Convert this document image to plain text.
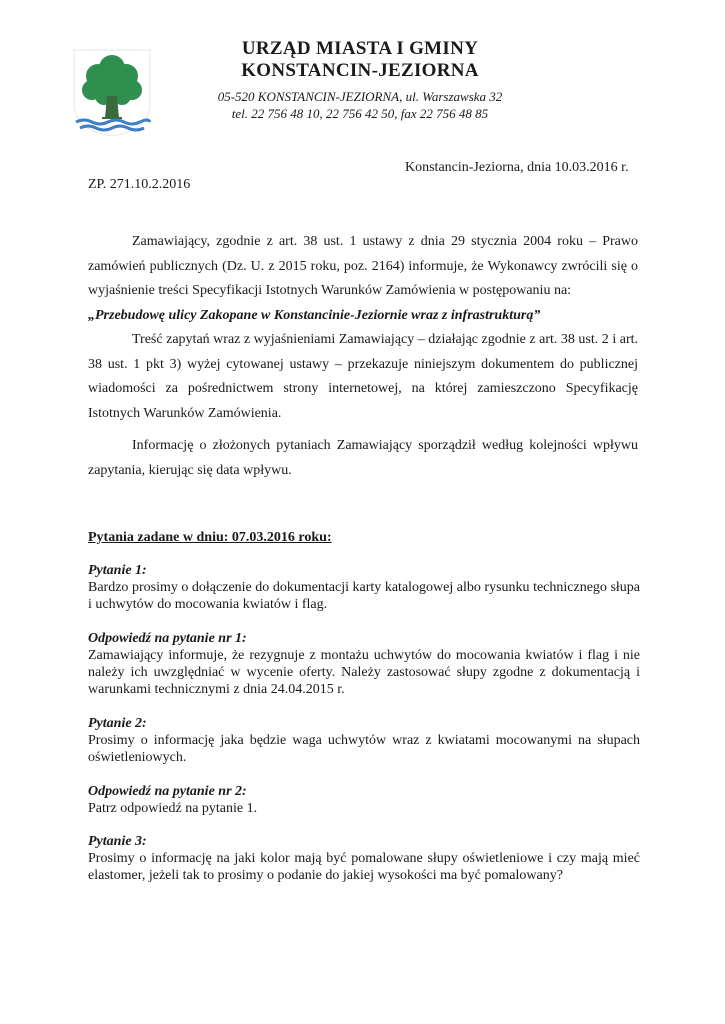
URZĄD MIASTA I GMINY
KONSTANCIN-JEZIORNA
05-520 KONSTANCIN-JEZIORNA, ul. Warszawska 32
tel. 22 756 48 10, 22 756 42 50, fax 22 756 48 85
Konstancin-Jeziorna, dnia 10.03.2016 r.
ZP. 271.10.2.2016

Zamawiający, zgodnie z art. 38 ust. 1 ustawy z dnia 29 stycznia 2004 roku – Prawo zamówień publicznych (Dz. U. z 2015 roku, poz. 2164) informuje, że Wykonawcy zwrócili się o wyjaśnienie treści Specyfikacji Istotnych Warunków Zamówienia w postępowaniu na:

„Przebudowę ulicy Zakopane w Konstancinie-Jeziornie wraz z infrastrukturą”

Treść zapytań wraz z wyjaśnieniami Zamawiający – działając zgodnie z art. 38 ust. 2 i art. 38 ust. 1 pkt 3) wyżej cytowanej ustawy – przekazuje niniejszym dokumentem do publicznej wiadomości za pośrednictwem strony internetowej, na której zamieszczono Specyfikację Istotnych Warunków Zamówienia.

Informację o złożonych pytaniach Zamawiający sporządził według kolejności wpływu zapytania, kierując się data wpływu.

Pytania zadane w dniu: 07.03.2016 roku:
Pytanie 1:
Bardzo prosimy o dołączenie do dokumentacji karty katalogowej albo rysunku technicznego słupa i uchwytów do mocowania kwiatów i flag.
Odpowiedź na pytanie nr 1:
Zamawiający informuje, że rezygnuje z montażu uchwytów do mocowania kwiatów i flag i nie należy ich uwzględniać w wycenie oferty. Należy zastosować słupy zgodne z dokumentacją i warunkami technicznymi z dnia 24.04.2015 r.
Pytanie 2:
Prosimy o informację jaka będzie waga uchwytów wraz z kwiatami mocowanymi na słupach oświetleniowych.
Odpowiedź na pytanie nr 2:
Patrz odpowiedź na pytanie 1.
Pytanie 3:
Prosimy o informację na jaki kolor mają być pomalowane słupy oświetleniowe i czy mają mieć elastomer, jeżeli tak to prosimy o podanie do jakiej wysokości ma być pomalowany?
